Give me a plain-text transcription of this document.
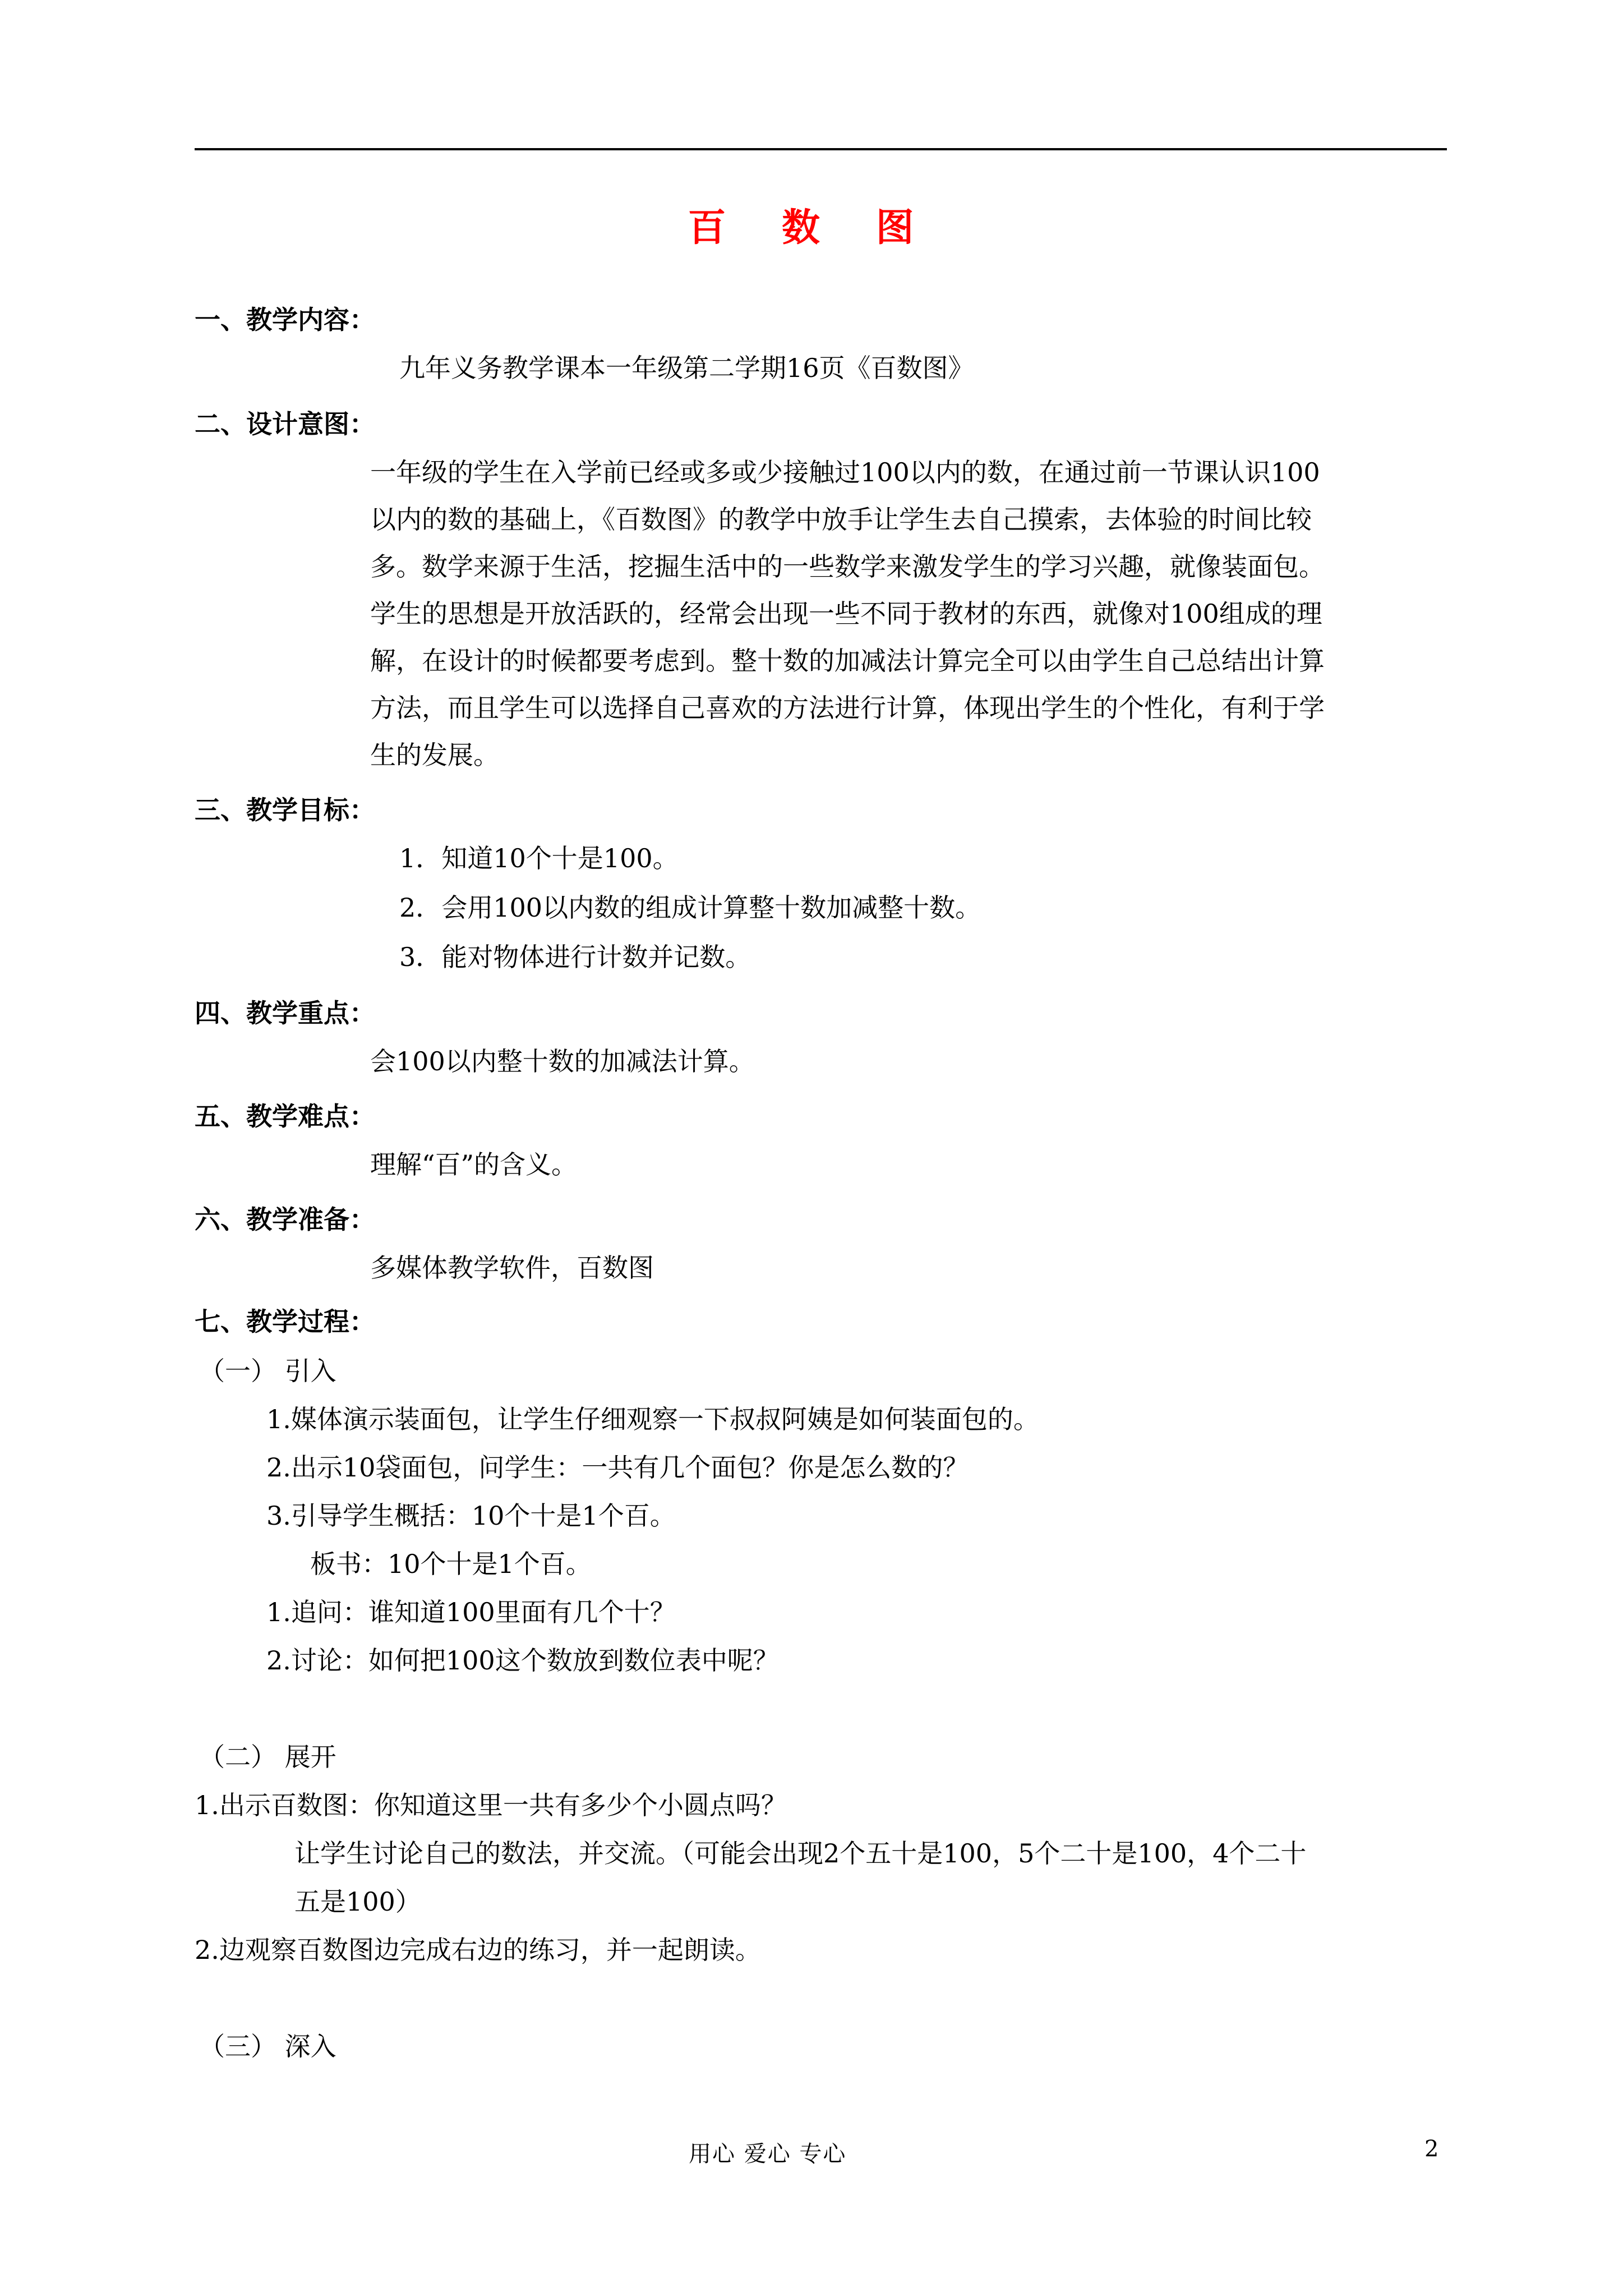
百 数 图
一、教学内容：
九年义务教学课本一年级第二学期16页《百数图》
二、设计意图：
一年级的学生在入学前已经或多或少接触过100以内的数，在通过前一节课认识100
以内的数的基础上，《百数图》的教学中放手让学生去自己摸索，去体验的时间比较
多。数学来源于生活，挖掘生活中的一些数学来激发学生的学习兴趣，就像装面包。
学生的思想是开放活跃的，经常会出现一些不同于教材的东西，就像对100组成的理
解，在设计的时候都要考虑到。整十数的加减法计算完全可以由学生自己总结出计算
方法，而且学生可以选择自己喜欢的方法进行计算，体现出学生的个性化，有利于学
生的发展。
三、教学目标：
1．知道10个十是100。
2．会用100以内数的组成计算整十数加减整十数。
3．能对物体进行计数并记数。
四、教学重点：
会100以内整十数的加减法计算。
五、教学难点：
理解“百”的含义。
六、教学准备：
多媒体教学软件，百数图
七、教学过程：
（一） 引入
1.媒体演示装面包，让学生仔细观察一下叔叔阿姨是如何装面包的。
2.出示10袋面包，问学生：一共有几个面包？你是怎么数的？
3.引导学生概括：10个十是1个百。
板书：10个十是1个百。
1.追问：谁知道100里面有几个十？
2.讨论：如何把100这个数放到数位表中呢？
（二） 展开
1.出示百数图：你知道这里一共有多少个小圆点吗？
让学生讨论自己的数法，并交流。（可能会出现2个五十是100，5个二十是100，4个二十
五是100）
2.边观察百数图边完成右边的练习，并一起朗读。
（三） 深入
用心 爱心 专心	2
